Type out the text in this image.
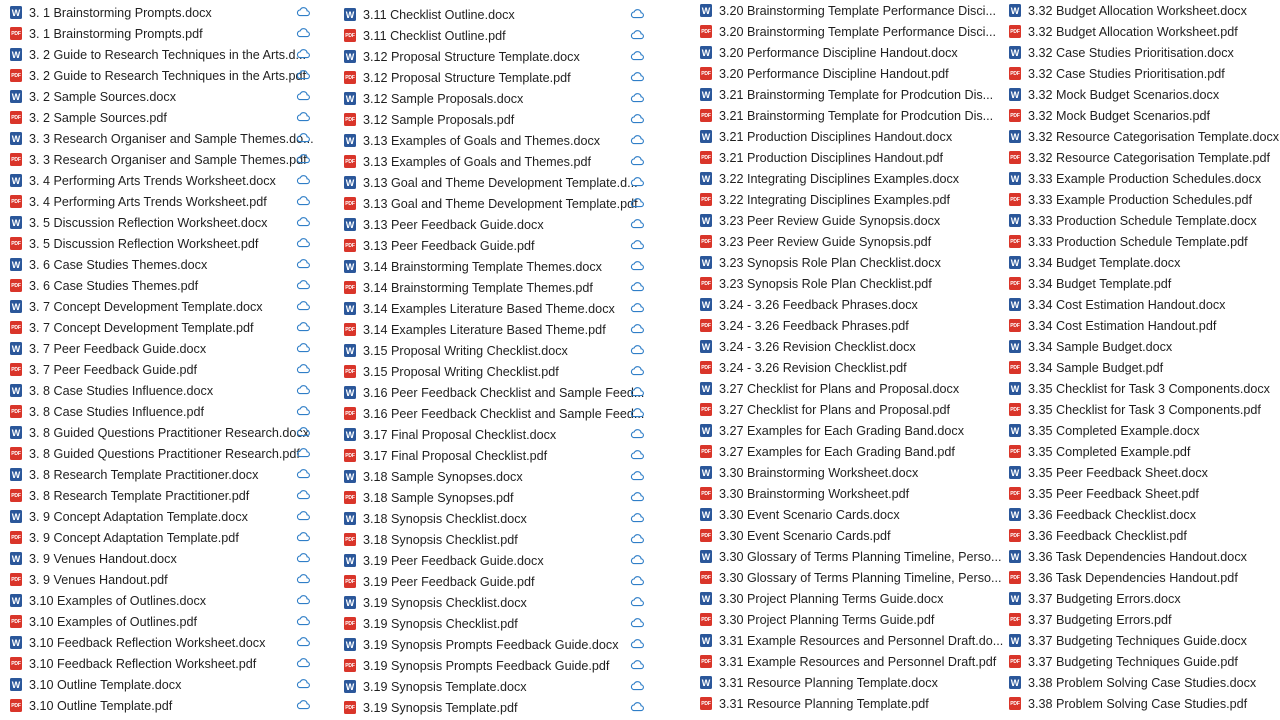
W 3. 1 Brainstorming Prompts.docx
PDF 3. 1 Brainstorming Prompts.pdf
W 3. 2 Guide to Research Techniques in the Arts.d...
PDF 3. 2 Guide to Research Techniques in the Arts.pdf
W 3. 2 Sample Sources.docx
PDF 3. 2 Sample Sources.pdf
W 3. 3 Research Organiser and Sample Themes.do...
PDF 3. 3 Research Organiser and Sample Themes.pdf
W 3. 4 Performing Arts Trends Worksheet.docx
PDF 3. 4 Performing Arts Trends Worksheet.pdf
W 3. 5 Discussion Reflection Worksheet.docx
PDF 3. 5 Discussion Reflection Worksheet.pdf
W 3. 6 Case Studies Themes.docx
PDF 3. 6 Case Studies Themes.pdf
W 3. 7 Concept Development Template.docx
PDF 3. 7 Concept Development Template.pdf
W 3. 7 Peer Feedback Guide.docx
PDF 3. 7 Peer Feedback Guide.pdf
W 3. 8 Case Studies Influence.docx
PDF 3. 8 Case Studies Influence.pdf
W 3. 8 Guided Questions Practitioner Research.docx
PDF 3. 8 Guided Questions Practitioner Research.pdf
W 3. 8 Research Template Practitioner.docx
PDF 3. 8 Research Template Practitioner.pdf
W 3. 9 Concept Adaptation Template.docx
PDF 3. 9 Concept Adaptation Template.pdf
W 3. 9 Venues Handout.docx
PDF 3. 9 Venues Handout.pdf
W 3.10 Examples of Outlines.docx
PDF 3.10 Examples of Outlines.pdf
W 3.10 Feedback Reflection Worksheet.docx
PDF 3.10 Feedback Reflection Worksheet.pdf
W 3.10 Outline Template.docx
PDF 3.10 Outline Template.pdf
W 3.11 Checklist Outline.docx
PDF 3.11 Checklist Outline.pdf
W 3.12 Proposal Structure Template.docx
PDF 3.12 Proposal Structure Template.pdf
W 3.12 Sample Proposals.docx
PDF 3.12 Sample Proposals.pdf
W 3.13 Examples of Goals and Themes.docx
PDF 3.13 Examples of Goals and Themes.pdf
W 3.13 Goal and Theme Development Template.d...
PDF 3.13 Goal and Theme Development Template.pdf
W 3.13 Peer Feedback Guide.docx
PDF 3.13 Peer Feedback Guide.pdf
W 3.14 Brainstorming Template Themes.docx
PDF 3.14 Brainstorming Template Themes.pdf
W 3.14 Examples Literature Based Theme.docx
PDF 3.14 Examples Literature Based Theme.pdf
W 3.15 Proposal Writing Checklist.docx
PDF 3.15 Proposal Writing Checklist.pdf
W 3.16 Peer Feedback Checklist and Sample Feed...
PDF 3.16 Peer Feedback Checklist and Sample Feed...
W 3.17 Final Proposal Checklist.docx
PDF 3.17 Final Proposal Checklist.pdf
W 3.18 Sample Synopses.docx
PDF 3.18 Sample Synopses.pdf
W 3.18 Synopsis Checklist.docx
PDF 3.18 Synopsis Checklist.pdf
W 3.19 Peer Feedback Guide.docx
PDF 3.19 Peer Feedback Guide.pdf
W 3.19 Synopsis Checklist.docx
PDF 3.19 Synopsis Checklist.pdf
W 3.19 Synopsis Prompts Feedback Guide.docx
PDF 3.19 Synopsis Prompts Feedback Guide.pdf
W 3.19 Synopsis Template.docx
PDF 3.19 Synopsis Template.pdf
W 3.20 Brainstorming Template Performance Disci...
PDF 3.20 Brainstorming Template Performance Disci...
W 3.20 Performance Discipline Handout.docx
PDF 3.20 Performance Discipline Handout.pdf
W 3.21 Brainstorming Template for Prodcution Dis...
PDF 3.21 Brainstorming Template for Prodcution Dis...
W 3.21 Production Disciplines Handout.docx
PDF 3.21 Production Disciplines Handout.pdf
W 3.22 Integrating Disciplines Examples.docx
PDF 3.22 Integrating Disciplines Examples.pdf
W 3.23 Peer Review Guide Synopsis.docx
PDF 3.23 Peer Review Guide Synopsis.pdf
W 3.23 Synopsis Role Plan Checklist.docx
PDF 3.23 Synopsis Role Plan Checklist.pdf
W 3.24 - 3.26 Feedback Phrases.docx
PDF 3.24 - 3.26 Feedback Phrases.pdf
W 3.24 - 3.26 Revision Checklist.docx
PDF 3.24 - 3.26 Revision Checklist.pdf
W 3.27 Checklist for Plans and Proposal.docx
PDF 3.27 Checklist for Plans and Proposal.pdf
W 3.27 Examples for Each Grading Band.docx
PDF 3.27 Examples for Each Grading Band.pdf
W 3.30 Brainstorming Worksheet.docx
PDF 3.30 Brainstorming Worksheet.pdf
W 3.30 Event Scenario Cards.docx
PDF 3.30 Event Scenario Cards.pdf
W 3.30 Glossary of Terms Planning Timeline, Perso...
PDF 3.30 Glossary of Terms Planning Timeline, Perso...
W 3.30 Project Planning Terms Guide.docx
PDF 3.30 Project Planning Terms Guide.pdf
W 3.31 Example Resources and Personnel Draft.do...
PDF 3.31 Example Resources and Personnel Draft.pdf
W 3.31 Resource Planning Template.docx
PDF 3.31 Resource Planning Template.pdf
W 3.32 Budget Allocation Worksheet.docx
PDF 3.32 Budget Allocation Worksheet.pdf
W 3.32 Case Studies Prioritisation.docx
PDF 3.32 Case Studies Prioritisation.pdf
W 3.32 Mock Budget Scenarios.docx
PDF 3.32 Mock Budget Scenarios.pdf
W 3.32 Resource Categorisation Template.docx
PDF 3.32 Resource Categorisation Template.pdf
W 3.33 Example Production Schedules.docx
PDF 3.33 Example Production Schedules.pdf
W 3.33 Production Schedule Template.docx
PDF 3.33 Production Schedule Template.pdf
W 3.34 Budget Template.docx
PDF 3.34 Budget Template.pdf
W 3.34 Cost Estimation Handout.docx
PDF 3.34 Cost Estimation Handout.pdf
W 3.34 Sample Budget.docx
PDF 3.34 Sample Budget.pdf
W 3.35 Checklist for Task 3 Components.docx
PDF 3.35 Checklist for Task 3 Components.pdf
W 3.35 Completed Example.docx
PDF 3.35 Completed Example.pdf
W 3.35 Peer Feedback Sheet.docx
PDF 3.35 Peer Feedback Sheet.pdf
W 3.36 Feedback Checklist.docx
PDF 3.36 Feedback Checklist.pdf
W 3.36 Task Dependencies Handout.docx
PDF 3.36 Task Dependencies Handout.pdf
W 3.37 Budgeting Errors.docx
PDF 3.37 Budgeting Errors.pdf
W 3.37 Budgeting Techniques Guide.docx
PDF 3.37 Budgeting Techniques Guide.pdf
W 3.38 Problem Solving Case Studies.docx
PDF 3.38 Problem Solving Case Studies.pdf
